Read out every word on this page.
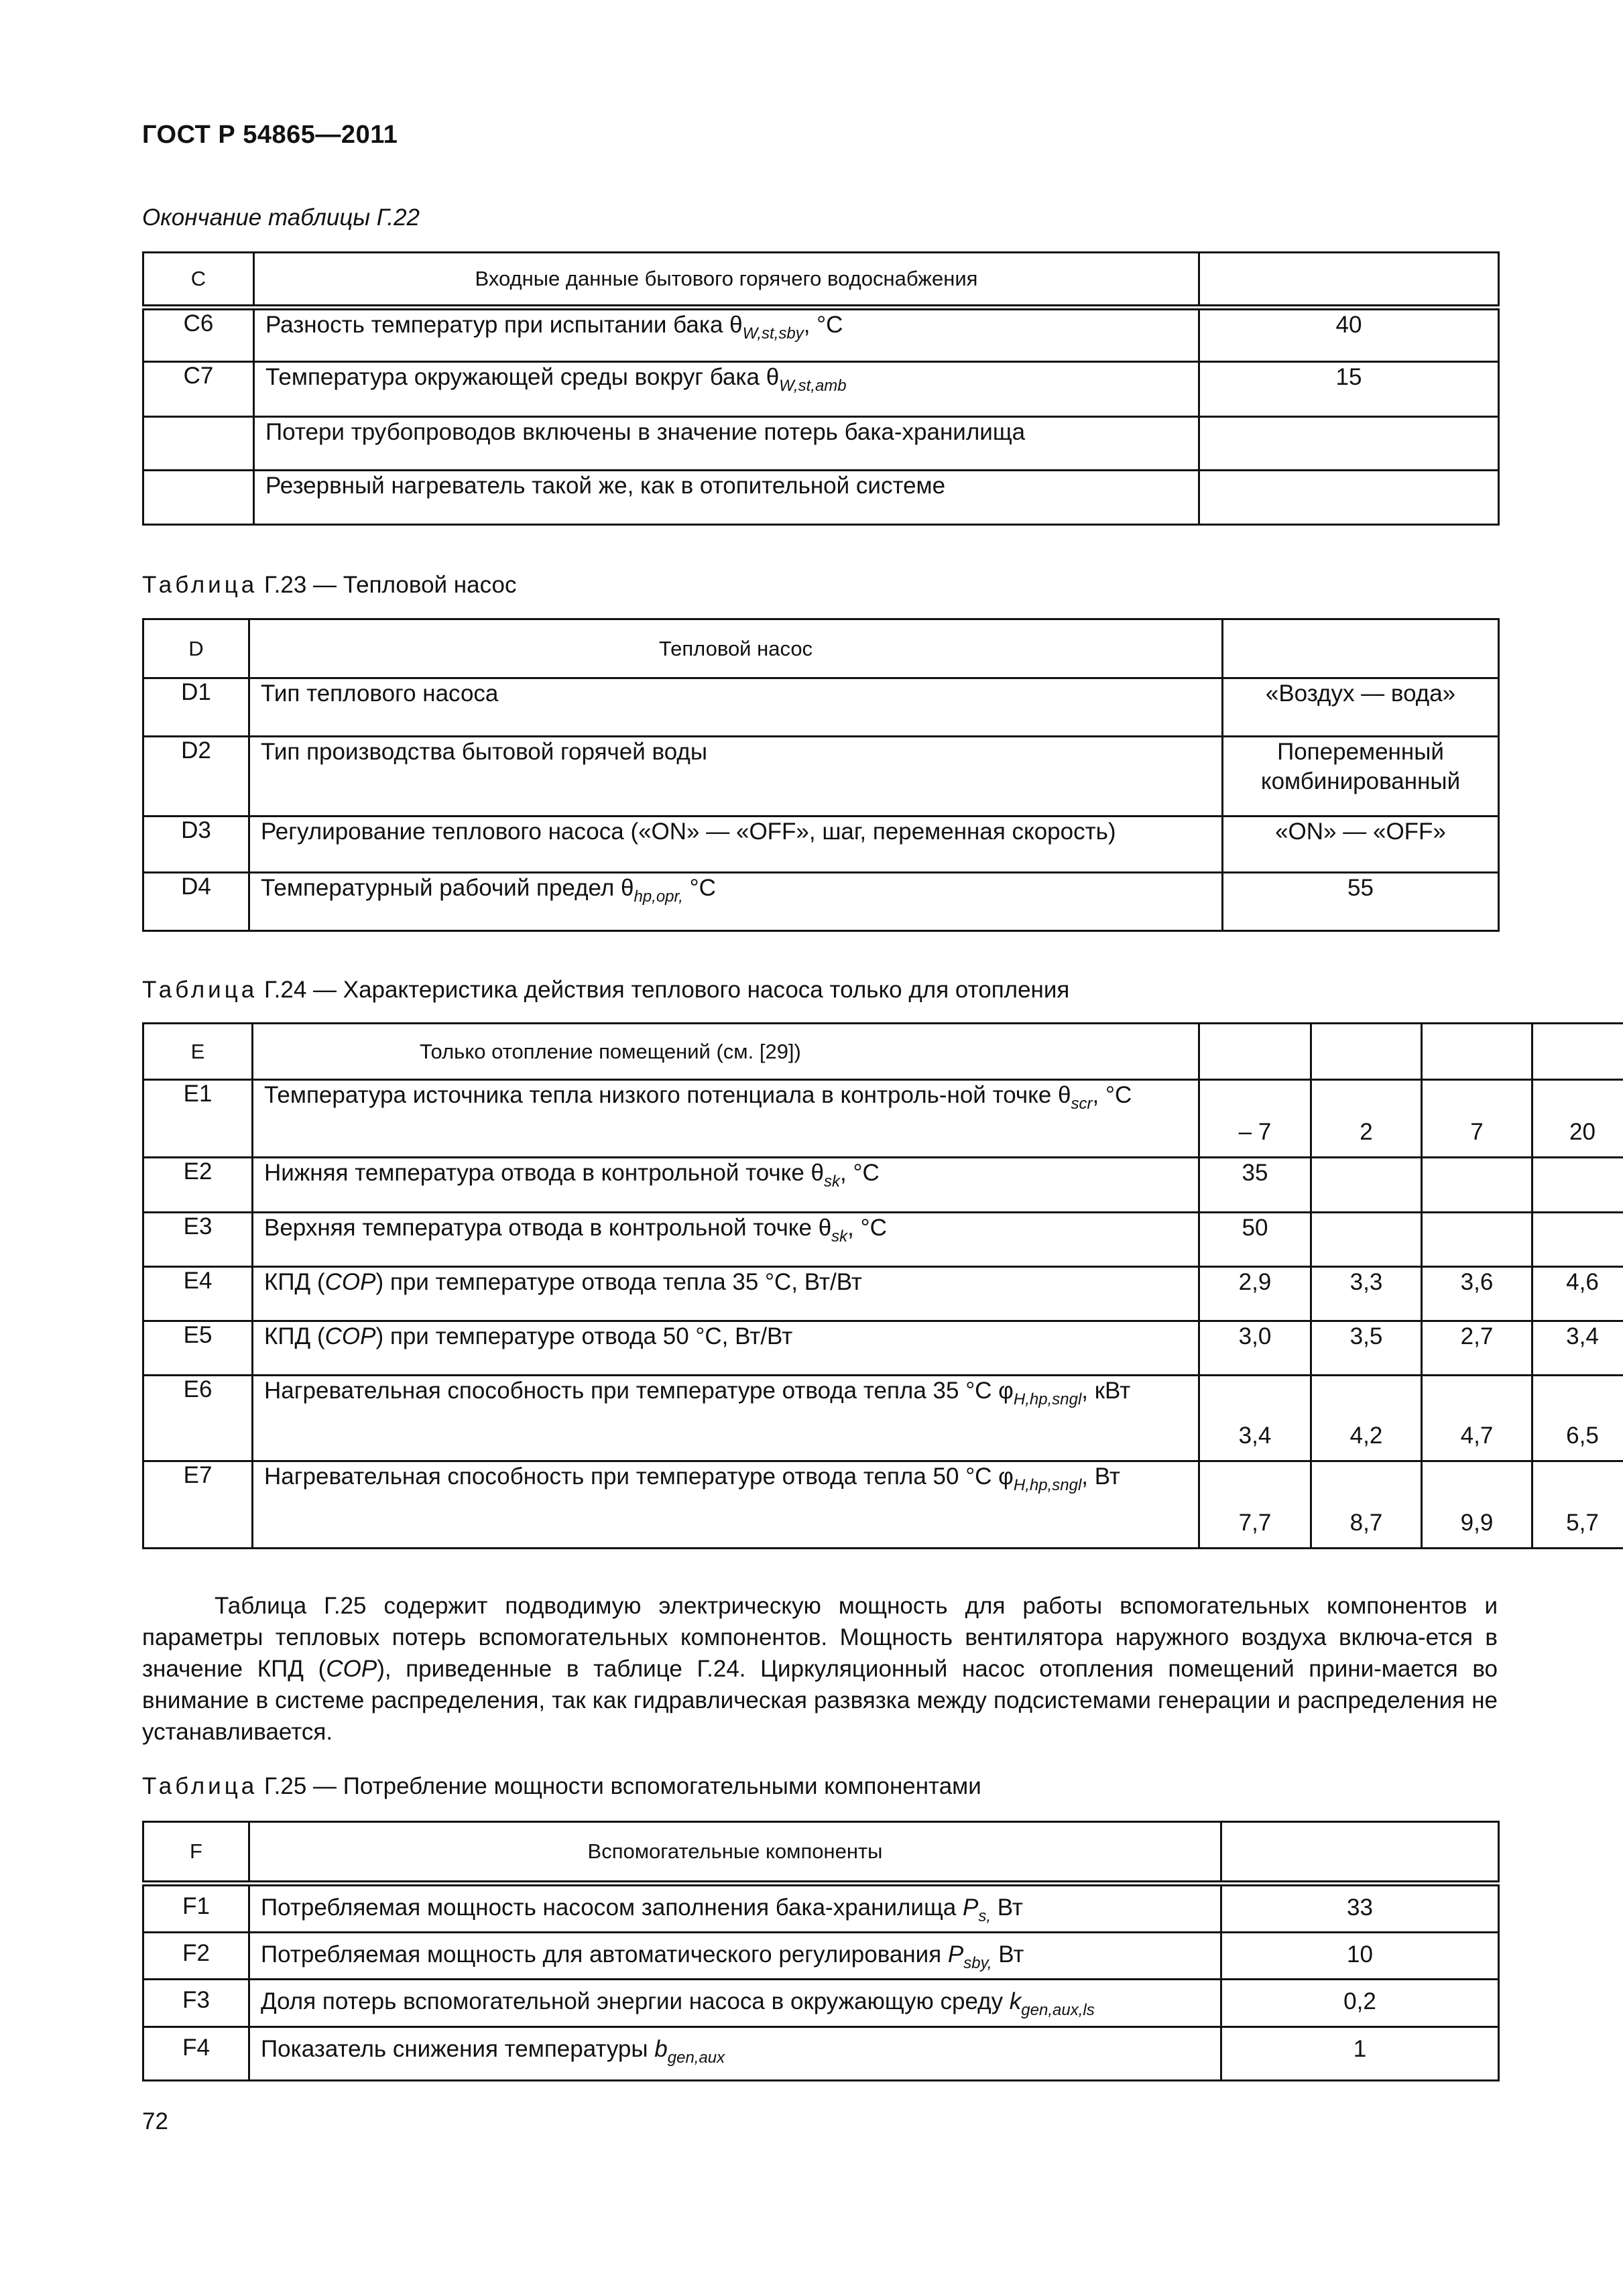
ГОСТ Р 54865—2011
Окончание таблицы Г.22
C	Входные данные бытового горячего водоснабжения	
C6	Разность температур при испытании бака $\theta_{W,st,sby}$, °С	40
C7	Температура окружающей среды вокруг бака $\theta_{W,st,amb}$	15
	Потери трубопроводов включены в значение потерь бака-хранилища	
	Резервный нагреватель такой же, как в отопительной системе	
Таблица Г.23 — Тепловой насос
D	Тепловой насос	
D1	Тип теплового насоса	«Воздух — вода»
D2	Тип производства бытовой горячей воды	Попеременный комбинированный
D3	Регулирование теплового насоса («ON» — «OFF», шаг, переменная скорость)	«ON» — «OFF»
D4	Температурный рабочий предел $\theta_{hp,opr,}$ °С	55
Таблица Г.24 — Характеристика действия теплового насоса только для отопления
E	Только отопление помещений (см. [29])				
E1	Температура источника тепла низкого потенциала в контроль-ной точке $\theta_{scr}$, °С	– 7	2	7	20
E2	Нижняя температура отвода в контрольной точке $\theta_{sk}$, °С	35			
E3	Верхняя температура отвода в контрольной точке $\theta_{sk}$, °С	50			
E4	КПД (COP) при температуре отвода тепла 35 °С, Вт/Вт	2,9	3,3	3,6	4,6
E5	КПД (COP) при температуре отвода 50 °С, Вт/Вт	3,0	3,5	2,7	3,4
E6	Нагревательная способность при температуре отвода тепла 35 °С $\varphi_{H,hp,sngl}$, кВт	3,4	4,2	4,7	6,5
E7	Нагревательная способность при температуре отвода тепла 50 °С $\varphi_{H,hp,sngl}$, Вт	7,7	8,7	9,9	5,7
Таблица Г.25 содержит подводимую электрическую мощность для работы вспомогательных компонентов и параметры тепловых потерь вспомогательных компонентов. Мощность вентилятора наружного воздуха включа-ется в значение КПД (COP), приведенные в таблице Г.24. Циркуляционный насос отопления помещений прини-мается во внимание в системе распределения, так как гидравлическая развязка между подсистемами генерации и распределения не устанавливается.
Таблица Г.25 — Потребление мощности вспомогательными компонентами
F	Вспомогательные компоненты	
F1	Потребляемая мощность насосом заполнения бака-хранилища $P_{s,}$ Вт	33
F2	Потребляемая мощность для автоматического регулирования $P_{sby,}$ Вт	10
F3	Доля потерь вспомогательной энергии насоса в окружающую среду $k_{gen,aux,ls}$	0,2
F4	Показатель снижения температуры $b_{gen,aux}$	1
72
